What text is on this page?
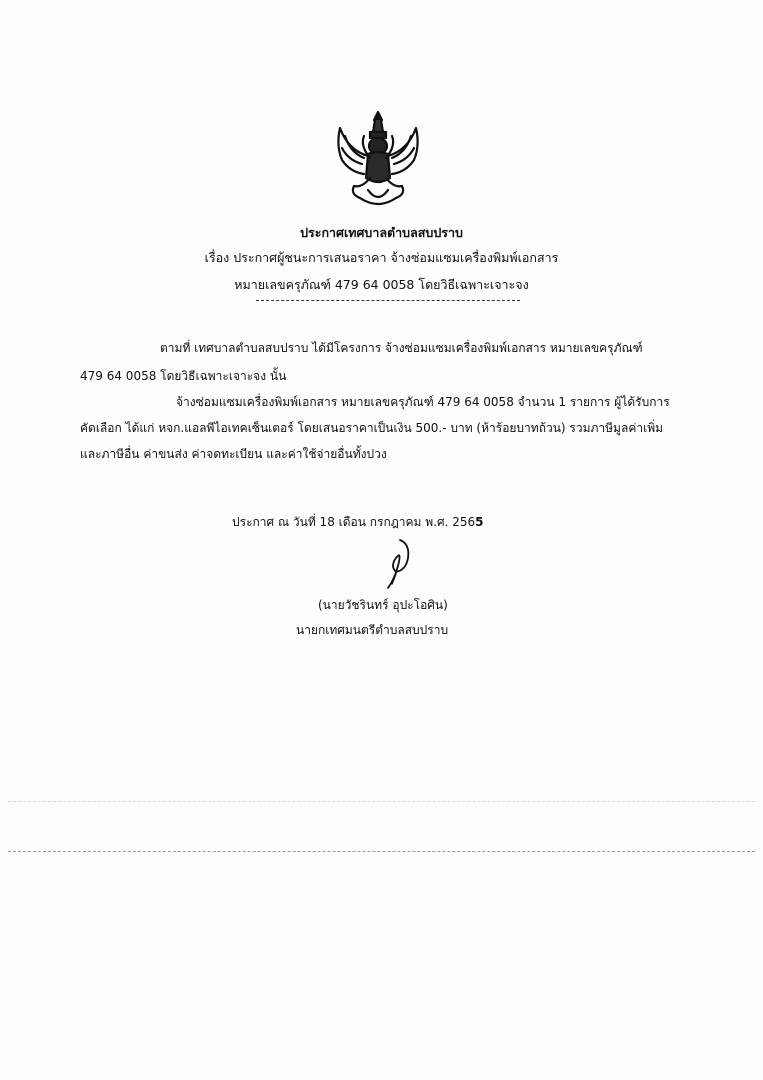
ประกาศเทศบาลตำบลสบปราบ
เรื่อง ประกาศผู้ชนะการเสนอราคา จ้างซ่อมแซมเครื่องพิมพ์เอกสาร
หมายเลขครุภัณฑ์ 479 64 0058 โดยวิธีเฉพาะเจาะจง
ตามที่ เทศบาลตำบลสบปราบ ได้มีโครงการ จ้างซ่อมแซมเครื่องพิมพ์เอกสาร หมายเลขครุภัณฑ์
479 64 0058 โดยวิธีเฉพาะเจาะจง นั้น
จ้างซ่อมแซมเครื่องพิมพ์เอกสาร หมายเลขครุภัณฑ์ 479 64 0058 จำนวน 1 รายการ ผู้ได้รับการ
คัดเลือก ได้แก่ หจก.แอลพีไอเทคเซ็นเตอร์ โดยเสนอราคาเป็นเงิน 500.- บาท (ห้าร้อยบาทถ้วน) รวมภาษีมูลค่าเพิ่ม
และภาษีอื่น ค่าขนส่ง ค่าจดทะเบียน และค่าใช้จ่ายอื่นทั้งปวง
ประกาศ ณ วันที่ 18 เดือน กรกฎาคม พ.ศ. 2565
(นายวัชรินทร์ อุปะโอศิน)
นายกเทศมนตรีตำบลสบปราบ
